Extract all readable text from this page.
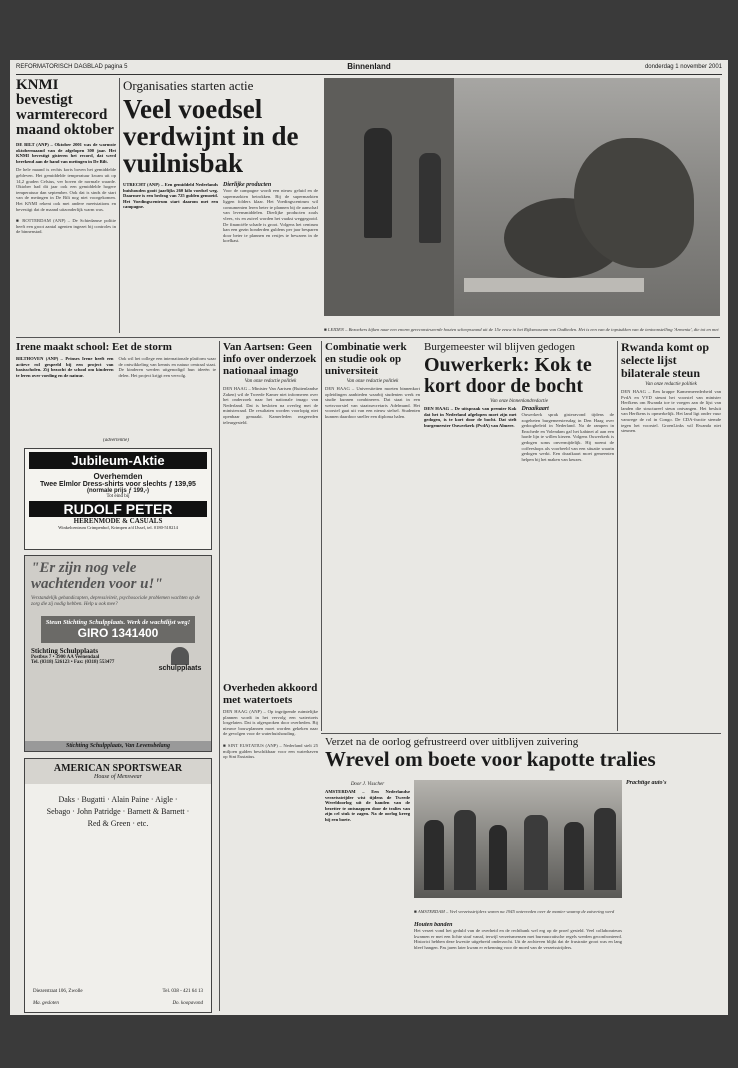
REFORMATORISCH DAGBLAD pagina 5	Binnenland	donderdag 1 november 2001
KNMI bevestigt warmterecord maand oktober
DE BILT (ANP) – Oktober 2001 was de warmste oktobermaand van de afgelopen 300 jaar. Het KNMI bevestigt gisteren het record, dat werd berekend aan de hand van metingen in De Bilt.
De hele maand is rechts korts boven het gemiddelde gebleven. Het gemiddelde temperatuur kwam uit op 14,2 graden Celsius, ver boven de normale waarde. Oktober had dit jaar ook een gemiddelde hogere temperatuur dan september. Ook dat is sinds de start van de metingen in De Bilt nog niet voorgekomen. Het KNMI rekent ook met andere meetstations en bevestigt dat de maand uitzonderlijk warm was.
■ ROTTERDAM (ANP) – De Schiedamse politie heeft een groot aantal agenten ingezet bij controles in de binnenstad.
Organisaties starten actie
Veel voedsel verdwijnt in de vuilnisbak
UTRECHT (ANP) – Een gemiddeld Nederlands huishouden gooit jaarlijks 260 kilo voedsel weg. Daarmee is een bedrag van 725 gulden gemoeid. Het Voedingscentrum start daarom met een campagne.
Dierlijke producten
Voor de campagne wordt een nieuw geluid en de supermarkten betrokken. Bij de supermarkten liggen folders klaar. Het Voedingscentrum wil consumenten leren beter te plannen bij de aanschaf van levensmiddelen. Dierlijke producten zoals vlees, vis en zuivel worden het vaakst weggegooid. De financiële schade is groot. Volgens het centrum kan een gezin honderden guldens per jaar besparen door beter te plannen en restjes te bewaren in de koelkast.
■ LEIDEN – Bezoekers kijken naar een enorm gereconstrueerde houten scheepswand uit de 15e eeuw in het Rijksmuseum van Oudheden. Het is een van de topstukken van de tentoonstelling 'Armenia', die tot en met
Irene maakt school: Eet de storm
BILTHOVEN (ANP) – Prinses Irene heeft een actieve rol gespeeld bij een project van basisscholen. Zij bezocht de school om kinderen te leren over voeding en de natuur.
Ook wil het college een internationale platform waar de ontwikkeling van kennis en natuur centraal staat. De kinderen werden uitgenodigd hun ideeën te delen. Het project krijgt een vervolg.
(advertentie)
Jubileum-Aktie
Overhemden
Twee Elmlor Dress-shirts voor slechts ƒ 139,95
(normale prijs ƒ 199,-)
Tot eind bij
RUDOLF PETER
HERENMODE & CASUALS
Winkelcentrum Crimpenhof, Krimpen a/d IJssel, tel. 0180-518214
"Er zijn nog vele wachtenden voor u!"
Verstandelijk gehandicapten, depressiviteit, psychosociale problemen wachten op de zorg die zij nodig hebben. Help u ook mee?
Steun Stichting Schulpplaats. Werk de wachtlijst weg!
GIRO 1341400
Stichting Schulpplaats
Postbus 7 • 3900 AA Veenendaal
Tel. (0318) 526123 • Fax: (0318) 553477
schulpplaats
Stichting Schulpplaats, Van Levensbelang
AMERICAN SPORTSWEAR
House of Menswear
Daks · Bugatti · Alain Paine · Aigle ·
Sebago · John Patridge · Barnett & Barnett ·
Red & Green · etc.
Diezerstraat 106, Zwolle	Tel. 038 - 421 64 13
Ma. gesloten	Do. koopavond
Van Aartsen: Geen info over onderzoek nationaal imago
Van onze redactie politiek
DEN HAAG – Minister Van Aartsen (Buitenlandse Zaken) wil de Tweede Kamer niet informeren over het onderzoek naar het nationale imago van Nederland. Dat is besloten na overleg met de ministerraad. De resultaten worden voorlopig niet openbaar gemaakt. Kamerleden reageerden teleurgesteld.
Overheden akkoord met watertoets
DEN HAAG (ANP) – Op ingrijpende ruimtelijke plannen wordt in het vervolg een watertoets losgelaten. Dat is afgesproken door overheden. Bij nieuwe bouwplannen moet worden gekeken naar de gevolgen voor de waterhuishouding.
■ SINT EUSTATIUS (ANP) – Nederland stelt 25 miljoen gulden beschikbaar voor een waterhaven op Sint Eustatius.
Combinatie werk en studie ook op universiteit
Van onze redactie politiek
DEN HAAG – Universiteiten moeten binnenkort opleidingen aanbieden waarbij studenten werk en studie kunnen combineren. Dat staat in een wetsvoorstel van staatssecretaris Adelmund. Het voorstel gaat uit van een nieuw stelsel. Studenten kunnen daardoor sneller een diploma halen.
Burgemeester wil blijven gedogen
Ouwerkerk: Kok te kort door de bocht
Van onze binnenlandredactie
DEN HAAG – De uitspraak van premier Kok dat het in Nederland afgelopen moet zijn met gedogen, is te kort door de bocht. Dat stelt burgemeester Ouwerkerk (PvdA) van Almere.
Draaikaart
Ouwerkerk sprak gisteravond tijdens de zogeheten burgemeestersdag in Den Haag over gedoogbeleid in Nederland. Na de rampen in Enschede en Volendam gaf het kabinet al aan een harde lijn te willen kiezen. Volgens Ouwerkerk is gedogen soms onvermijdelijk. Hij noemt de coffeeshops als voorbeeld van een situatie waarin gedogen werkt. Een draaikaart moet gemeenten helpen bij het maken van keuzes.
Rwanda komt op selecte lijst bilaterale steun
Van onze redactie politiek
DEN HAAG – Een krappe Kamermeerderheid van PvdA en VVD steunt het voorstel van minister Herfkens om Rwanda toe te voegen aan de lijst van landen die structureel steun ontvangen. Het besluit van Herfkens is opmerkelijk. Het land ligt onder vuur vanwege de rol in Congo. De CDA-fractie stemde tegen het voorstel. GroenLinks wil Rwanda niet steunen.
Verzet na de oorlog gefrustreerd over uitblijven zuivering
Wrevel om boete voor kapotte tralies
Door J. Visscher
AMSTERDAM – Een Nederlandse verzetsstrijder wist tijdens de Tweede Wereldoorlog uit de handen van de bezetter te ontsnappen door de tralies van zijn cel stuk te zagen. Na de oorlog kreeg hij een boete.
■ AMSTERDAM – Veel verzetsstrijders waren na 1945 ontevreden over de manier waarop de zuivering werd
Houten banden
Het verzet vond het geduld van de overheid en de rechtbank wel erg op de proef gesteld. Veel collaborateurs kwamen er met een lichte straf vanaf, terwijl verzetsmensen met bureaucratische regels werden geconfronteerd. Historici hebben deze kwestie uitgebreid onderzocht. Uit de archieven blijkt dat de frustratie groot was en lang bleef hangen. Pas jaren later kwam er erkenning voor de moed van de verzetsstrijders.
Prachtige auto's
